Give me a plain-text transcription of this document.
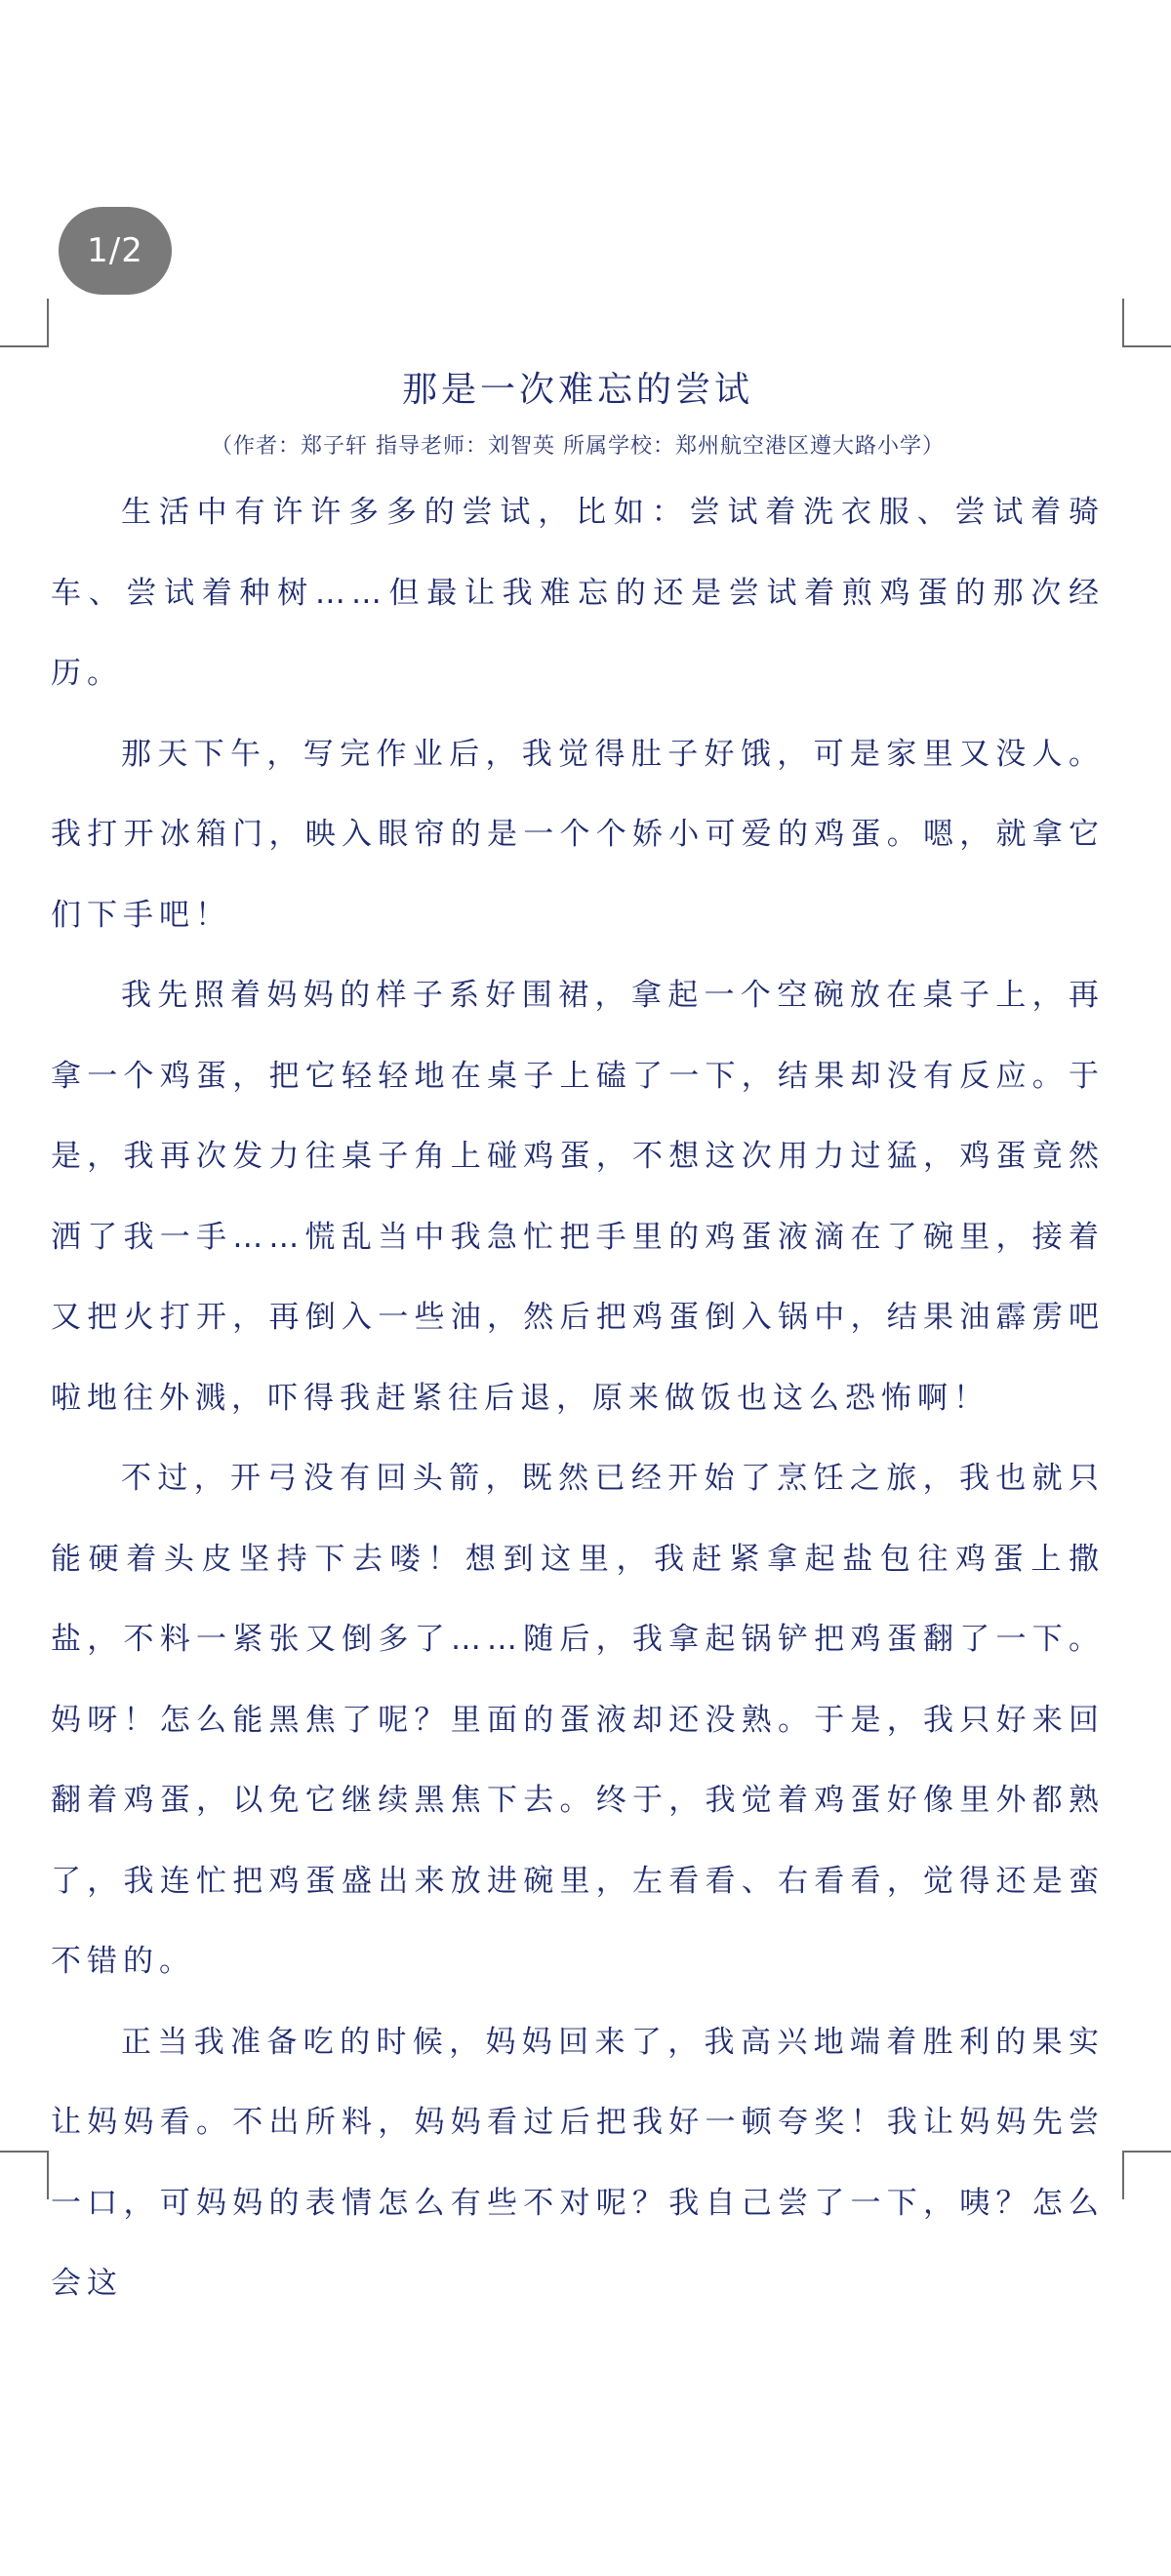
1/2
那是一次难忘的尝试

（作者：郑子轩 指导老师：刘智英 所属学校：郑州航空港区遵大路小学）

生活中有许许多多的尝试，比如：尝试着洗衣服、尝试着骑车、尝试着种树……但最让我难忘的还是尝试着煎鸡蛋的那次经历。

那天下午，写完作业后，我觉得肚子好饿，可是家里又没人。我打开冰箱门，映入眼帘的是一个个娇小可爱的鸡蛋。嗯，就拿它们下手吧！

我先照着妈妈的样子系好围裙，拿起一个空碗放在桌子上，再拿一个鸡蛋，把它轻轻地在桌子上磕了一下，结果却没有反应。于是，我再次发力往桌子角上碰鸡蛋，不想这次用力过猛，鸡蛋竟然洒了我一手……慌乱当中我急忙把手里的鸡蛋液滴在了碗里，接着又把火打开，再倒入一些油，然后把鸡蛋倒入锅中，结果油霹雳吧啦地往外溅，吓得我赶紧往后退，原来做饭也这么恐怖啊！

不过，开弓没有回头箭，既然已经开始了烹饪之旅，我也就只能硬着头皮坚持下去喽！想到这里，我赶紧拿起盐包往鸡蛋上撒盐，不料一紧张又倒多了……随后，我拿起锅铲把鸡蛋翻了一下。妈呀！怎么能黑焦了呢？里面的蛋液却还没熟。于是，我只好来回翻着鸡蛋，以免它继续黑焦下去。终于，我觉着鸡蛋好像里外都熟了，我连忙把鸡蛋盛出来放进碗里，左看看、右看看，觉得还是蛮不错的。

正当我准备吃的时候，妈妈回来了，我高兴地端着胜利的果实让妈妈看。不出所料，妈妈看过后把我好一顿夸奖！我让妈妈先尝一口，可妈妈的表情怎么有些不对呢？我自己尝了一下，咦？怎么会这
